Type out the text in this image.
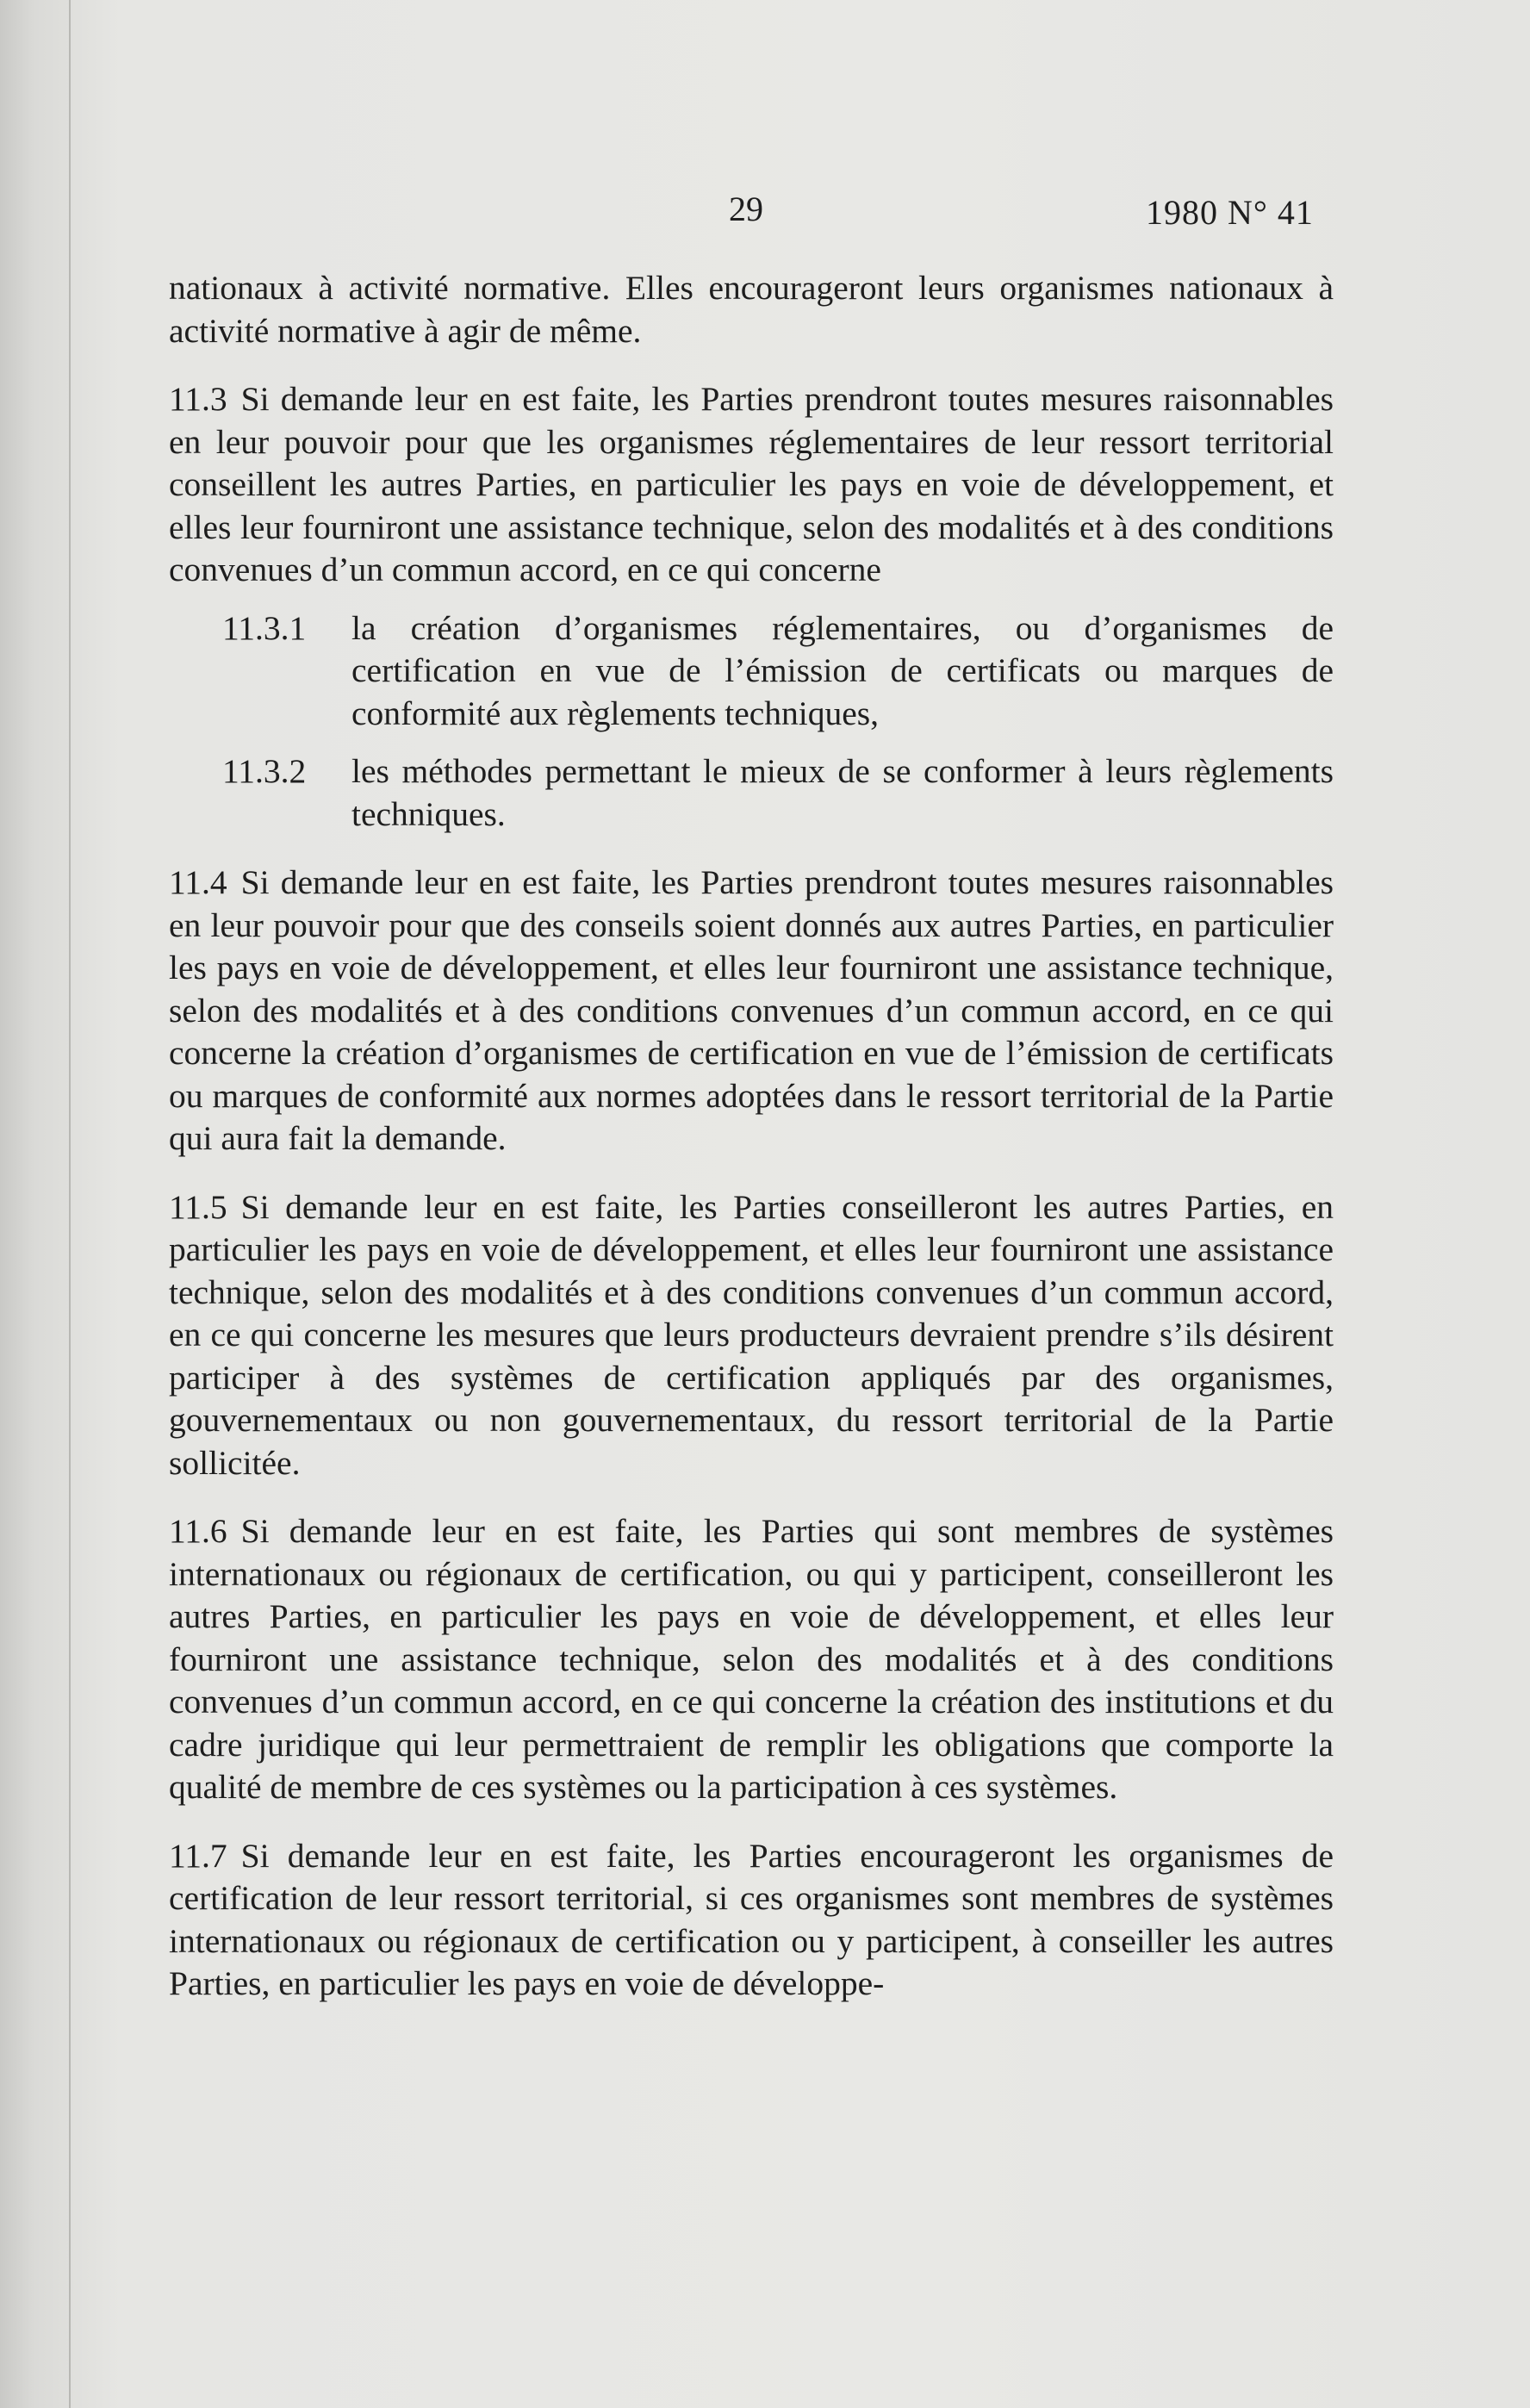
29	1980 N° 41

nationaux à activité normative. Elles encourageront leurs organismes nationaux à activité normative à agir de même.

11.3 Si demande leur en est faite, les Parties prendront toutes mesures raisonnables en leur pouvoir pour que les organismes réglementaires de leur ressort territorial conseillent les autres Parties, en particulier les pays en voie de développement, et elles leur fourniront une assistance technique, selon des modalités et à des conditions convenues d’un commun accord, en ce qui concerne

11.3.1	la création d’organismes réglementaires, ou d’organismes de certification en vue de l’émission de certificats ou marques de conformité aux règlements techniques,
11.3.2	les méthodes permettant le mieux de se conformer à leurs règlements techniques.

11.4 Si demande leur en est faite, les Parties prendront toutes mesures raisonnables en leur pouvoir pour que des conseils soient donnés aux autres Parties, en particulier les pays en voie de développement, et elles leur fourniront une assistance technique, selon des modalités et à des conditions convenues d’un commun accord, en ce qui concerne la création d’organismes de certification en vue de l’émission de certificats ou marques de conformité aux normes adoptées dans le ressort territorial de la Partie qui aura fait la demande.

11.5 Si demande leur en est faite, les Parties conseilleront les autres Parties, en particulier les pays en voie de développement, et elles leur fourniront une assistance technique, selon des modalités et à des conditions convenues d’un commun accord, en ce qui concerne les mesures que leurs producteurs devraient prendre s’ils désirent participer à des systèmes de certification appliqués par des organismes, gouvernementaux ou non gouvernementaux, du ressort territorial de la Partie sollicitée.

11.6 Si demande leur en est faite, les Parties qui sont membres de systèmes internationaux ou régionaux de certification, ou qui y participent, conseilleront les autres Parties, en particulier les pays en voie de développement, et elles leur fourniront une assistance technique, selon des modalités et à des conditions convenues d’un commun accord, en ce qui concerne la création des institutions et du cadre juridique qui leur permettraient de remplir les obligations que comporte la qualité de membre de ces systèmes ou la participation à ces systèmes.

11.7 Si demande leur en est faite, les Parties encourageront les organismes de certification de leur ressort territorial, si ces organismes sont membres de systèmes internationaux ou régionaux de certification ou y participent, à conseiller les autres Parties, en particulier les pays en voie de développe-
